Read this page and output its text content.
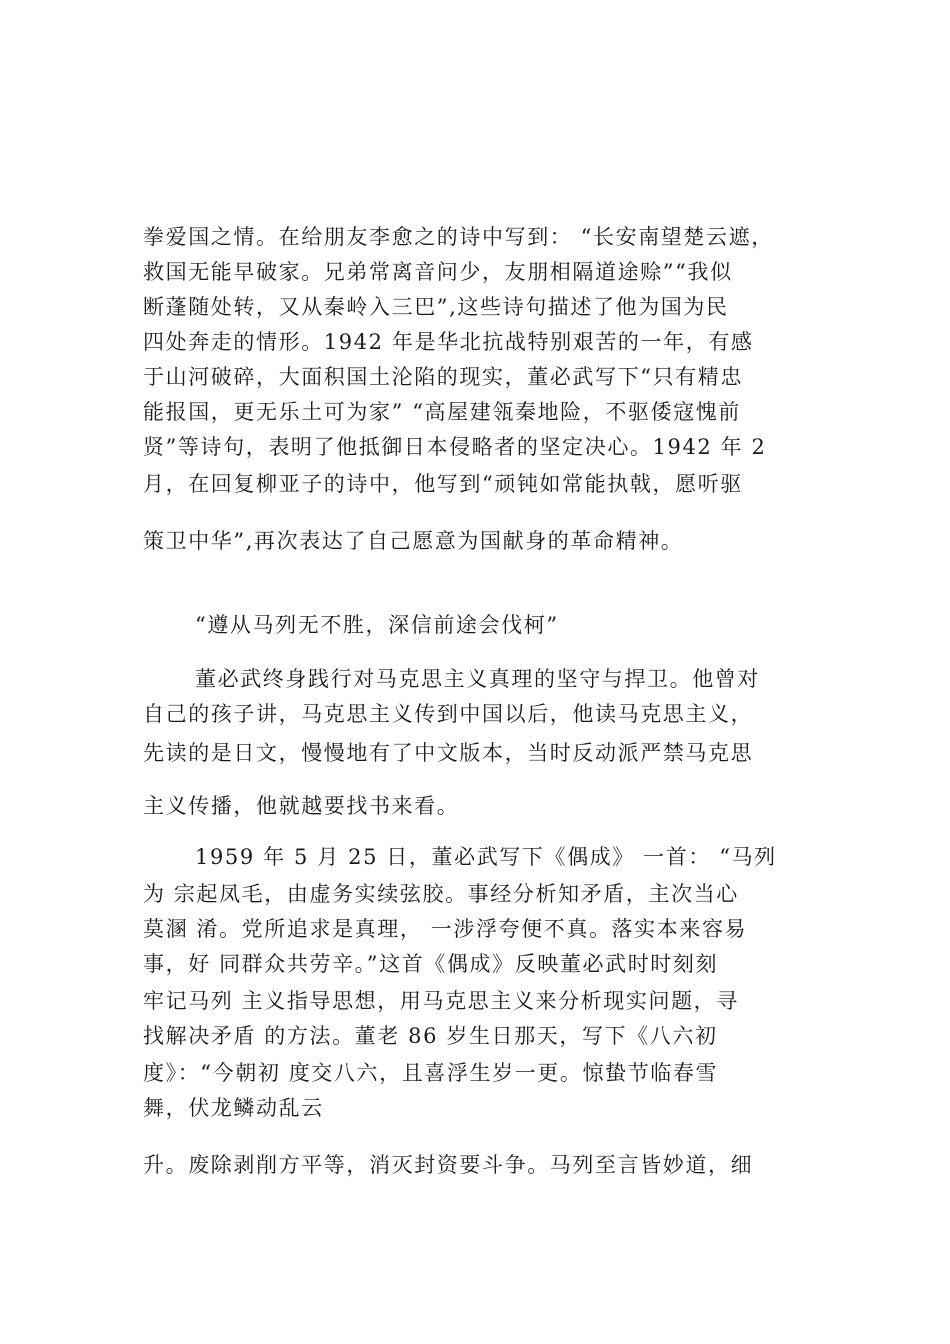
拳爱国之情。在给朋友李愈之的诗中写到： “长安南望楚云遮，
救国无能早破家。兄弟常离音问少，友朋相隔道途赊”“我似
断蓬随处转，又从秦岭入三巴”,这些诗句描述了他为国为民
四处奔走的情形。1942 年是华北抗战特别艰苦的一年，有感
于山河破碎，大面积国土沦陷的现实，董必武写下“只有精忠
能报国，更无乐土可为家” “高屋建瓴秦地险，不驱倭寇愧前
贤”等诗句，表明了他抵御日本侵略者的坚定决心。1942 年 2
月，在回复柳亚子的诗中，他写到“顽钝如常能执戟，愿听驱
策卫中华”,再次表达了自己愿意为国献身的革命精神。
“遵从马列无不胜，深信前途会伐柯”
董必武终身践行对马克思主义真理的坚守与捍卫。他曾对
自己的孩子讲，马克思主义传到中国以后，他读马克思主义，
先读的是日文，慢慢地有了中文版本，当时反动派严禁马克思
主义传播，他就越要找书来看。
1959 年 5 月 25 日，董必武写下《偶成》 一首： “马列
为 宗起凤毛，由虚务实续弦胶。事经分析知矛盾，主次当心
莫溷 淆。党所追求是真理， 一涉浮夸便不真。落实本来容易
事，好 同群众共劳辛。”这首《偶成》反映董必武时时刻刻
牢记马列 主义指导思想，用马克思主义来分析现实问题，寻
找解决矛盾 的方法。董老 86 岁生日那天，写下《八六初
度》：“今朝初 度交八六，且喜浮生岁一更。惊蛰节临春雪
舞，伏龙鳞动乱云
升。废除剥削方平等，消灭封资要斗争。马列至言皆妙道，细
